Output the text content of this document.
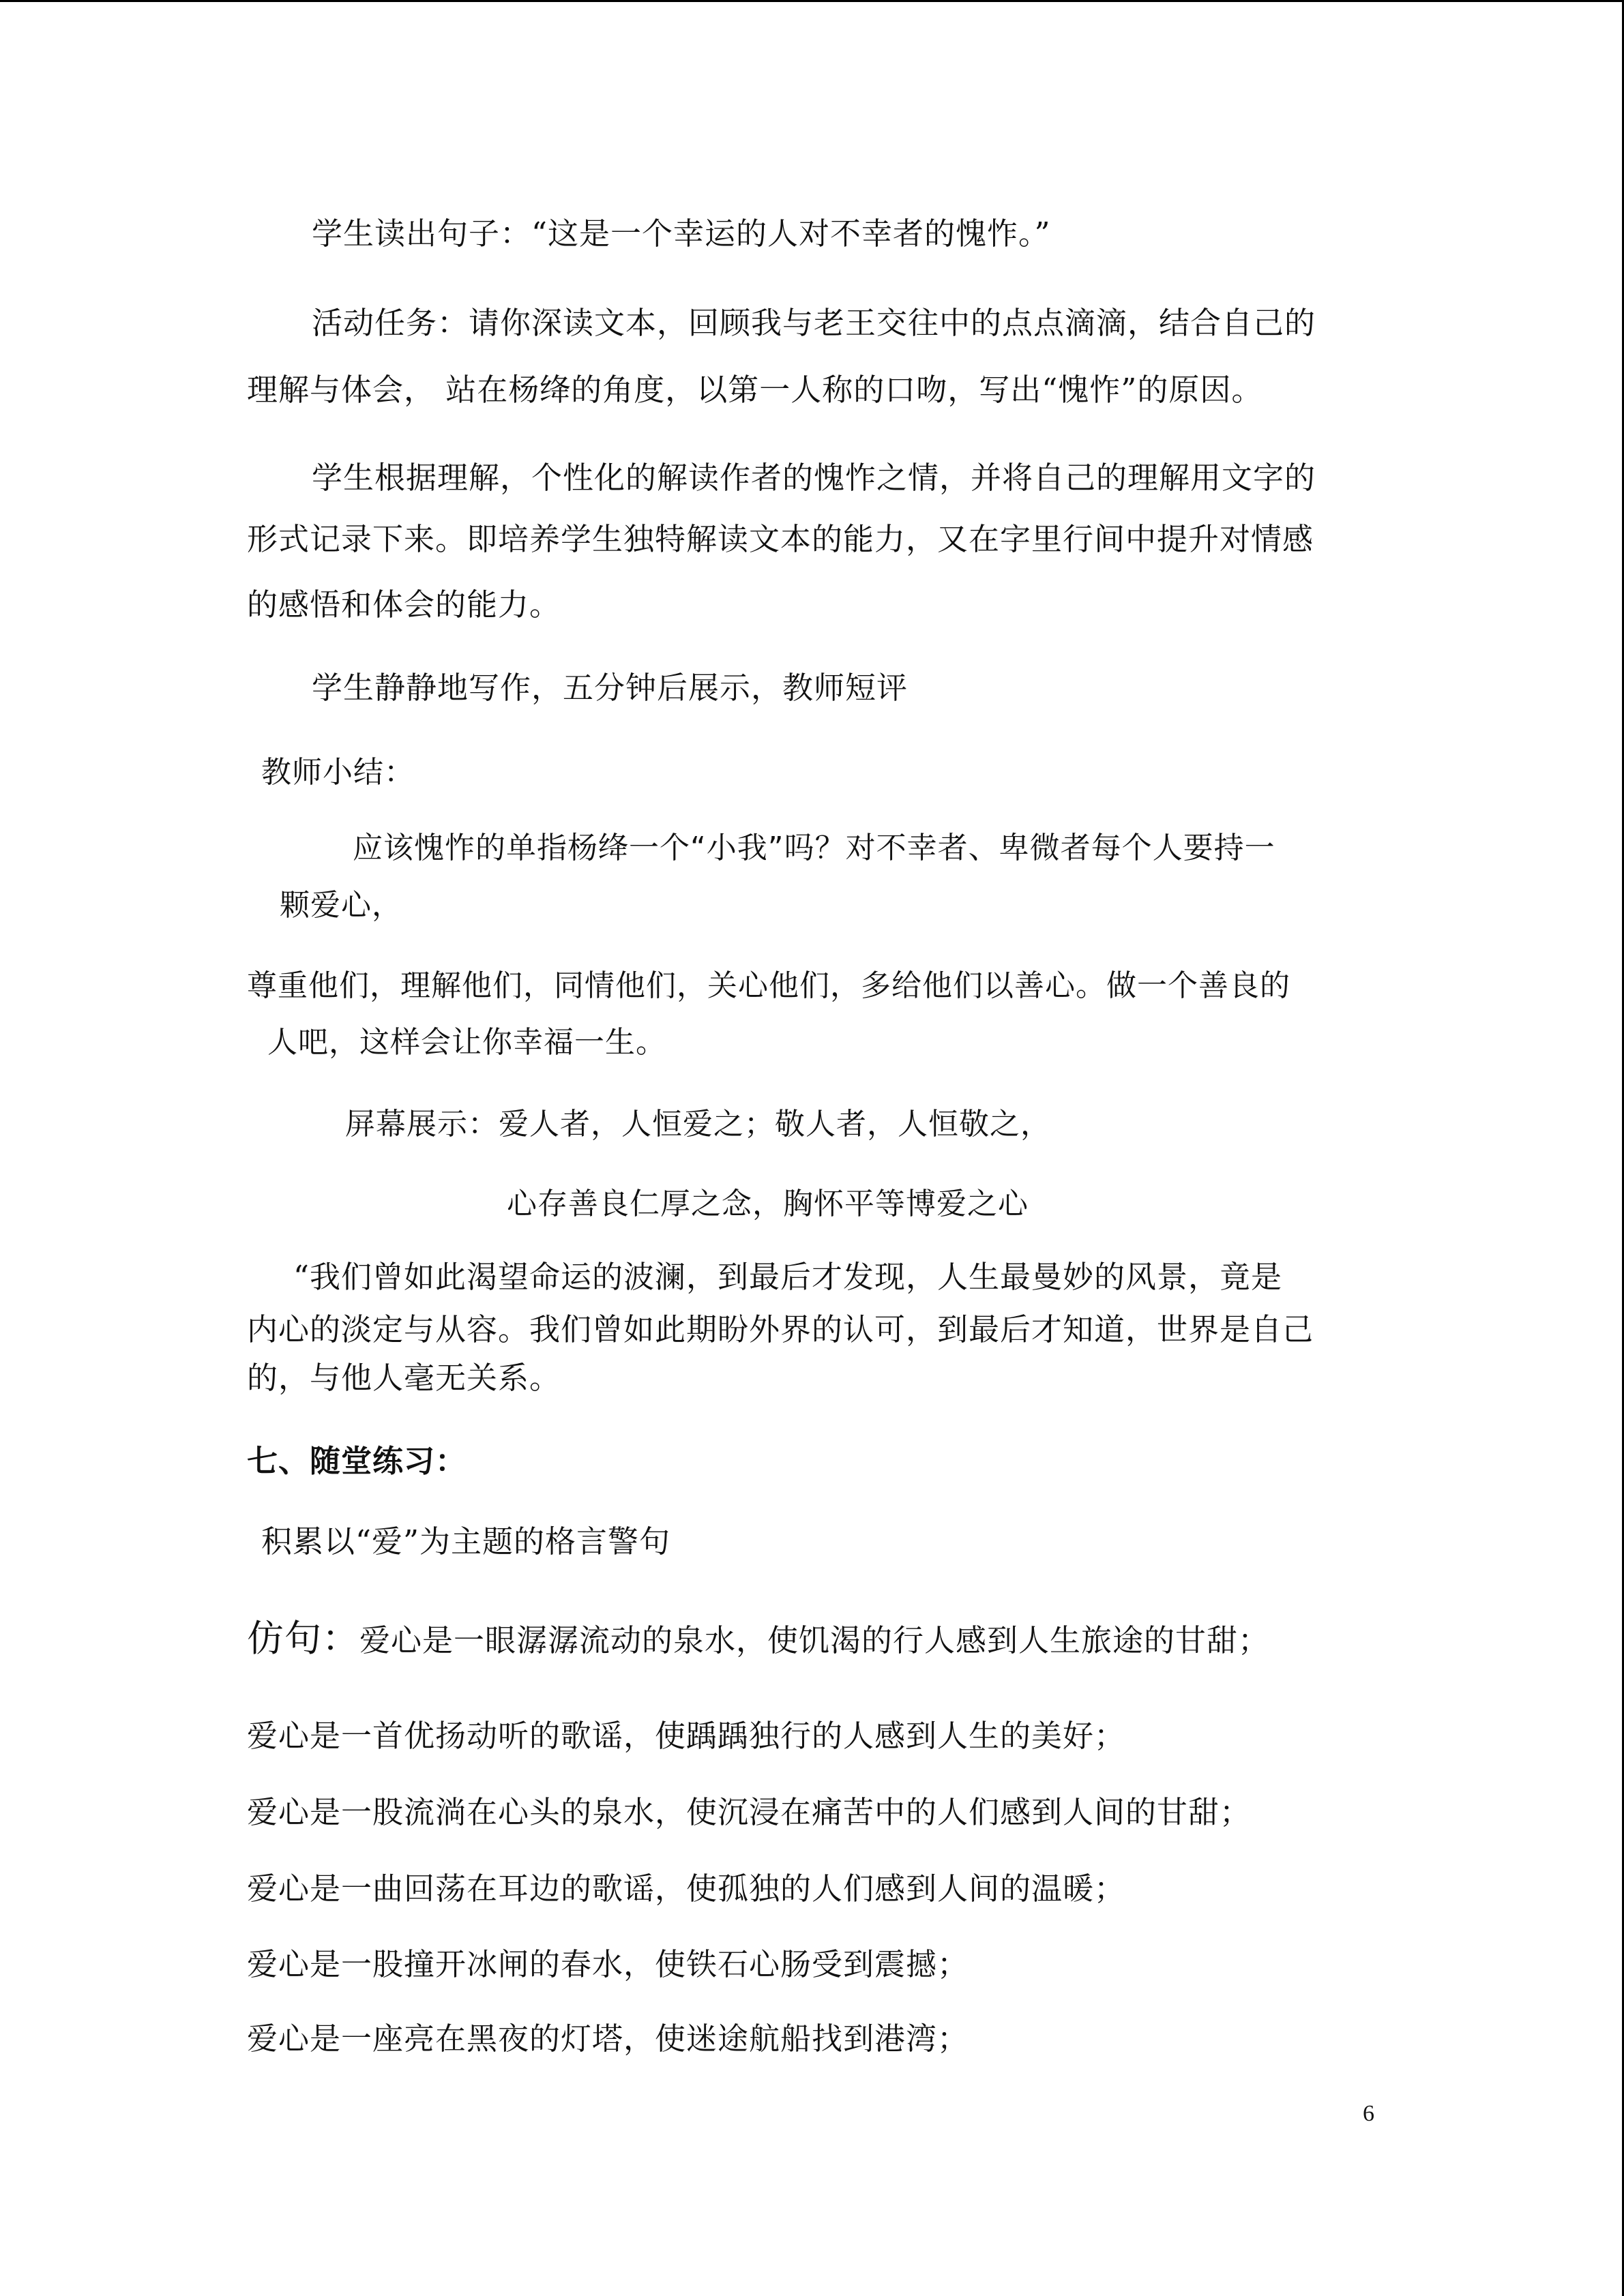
学生读出句子：“这是一个幸运的人对不幸者的愧怍。”

活动任务：请你深读文本，回顾我与老王交往中的点点滴滴，结合自己的

理解与体会， 站在杨绛的角度，以第一人称的口吻，写出“愧怍”的原因。

学生根据理解，个性化的解读作者的愧怍之情，并将自己的理解用文字的

形式记录下来。即培养学生独特解读文本的能力，又在字里行间中提升对情感

的感悟和体会的能力。

学生静静地写作，五分钟后展示，教师短评

教师小结：

应该愧怍的单指杨绛一个“小我”吗？对不幸者、卑微者每个人要持一

颗爱心，

尊重他们，理解他们，同情他们，关心他们，多给他们以善心。做一个善良的

人吧，这样会让你幸福一生。

屏幕展示：爱人者，人恒爱之；敬人者，人恒敬之，

心存善良仁厚之念，胸怀平等博爱之心

“我们曾如此渴望命运的波澜，到最后才发现，人生最曼妙的风景，竟是

内心的淡定与从容。我们曾如此期盼外界的认可，到最后才知道，世界是自己

的，与他人毫无关系。

七、随堂练习：

积累以“爱”为主题的格言警句

仿句：爱心是一眼潺潺流动的泉水，使饥渴的行人感到人生旅途的甘甜；

爱心是一首优扬动听的歌谣，使踽踽独行的人感到人生的美好；

爱心是一股流淌在心头的泉水，使沉浸在痛苦中的人们感到人间的甘甜；

爱心是一曲回荡在耳边的歌谣，使孤独的人们感到人间的温暖；

爱心是一股撞开冰闸的春水，使铁石心肠受到震撼；

爱心是一座亮在黑夜的灯塔，使迷途航船找到港湾；

6
